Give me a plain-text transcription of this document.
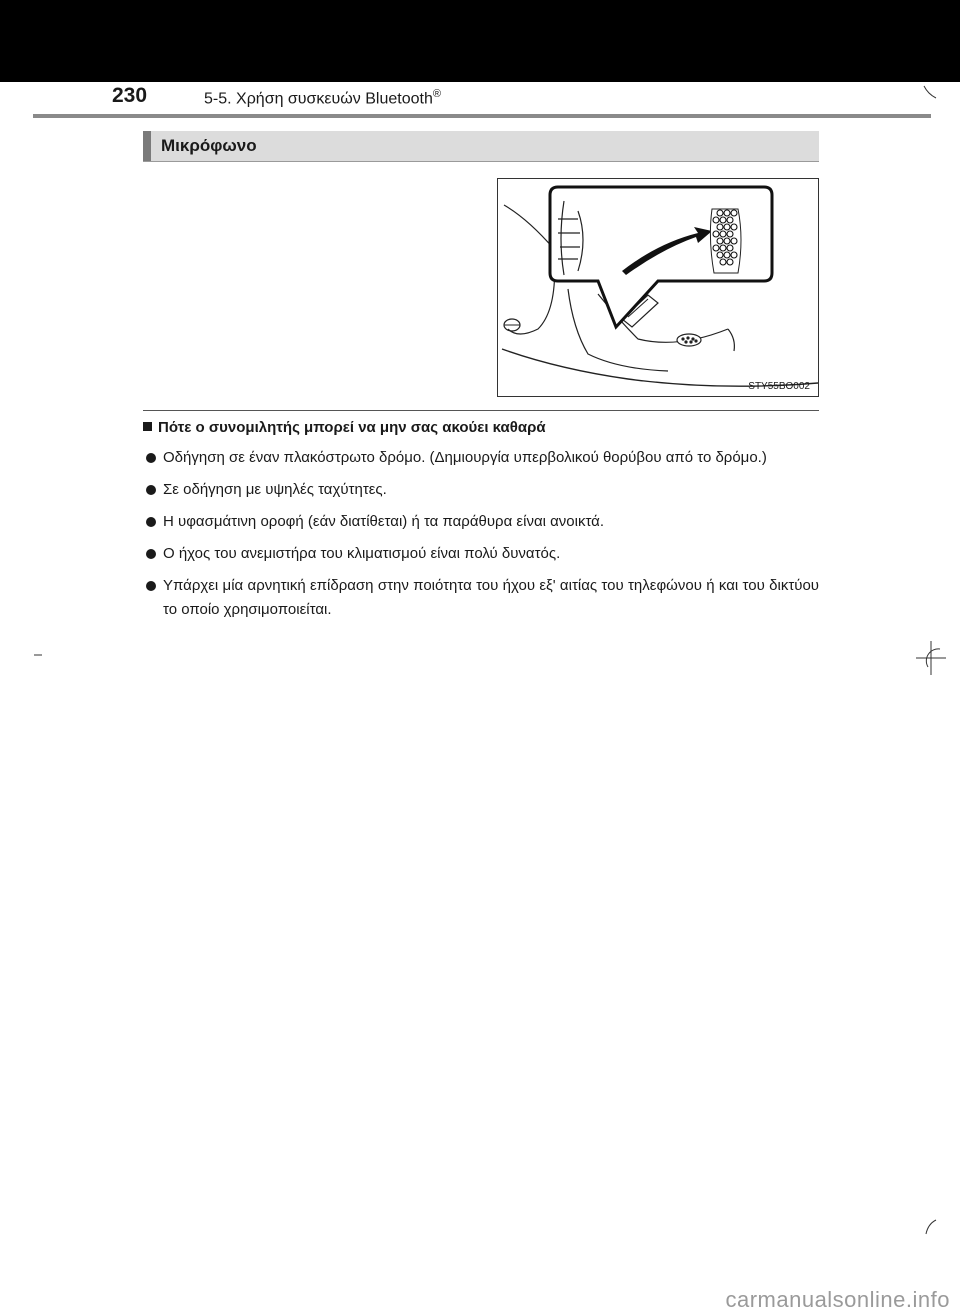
230	5-5. Χρήση συσκευών Bluetooth®
Μικρόφωνο
STY55BO002
Πότε ο συνομιλητής μπορεί να μην σας ακούει καθαρά
Οδήγηση σε έναν πλακόστρωτο δρόμο. (Δημιουργία υπερβολικού θορύβου από το δρόμο.)
Σε οδήγηση με υψηλές ταχύτητες.
Η υφασμάτινη οροφή (εάν διατίθεται) ή τα παράθυρα είναι ανοικτά.
Ο ήχος του ανεμιστήρα του κλιματισμού είναι πολύ δυνατός.
Υπάρχει μία αρνητική επίδραση στην ποιότητα του ήχου εξ' αιτίας του τηλεφώνου ή και του δικτύου το οποίο χρησιμοποιείται.
carmanualsonline.info
